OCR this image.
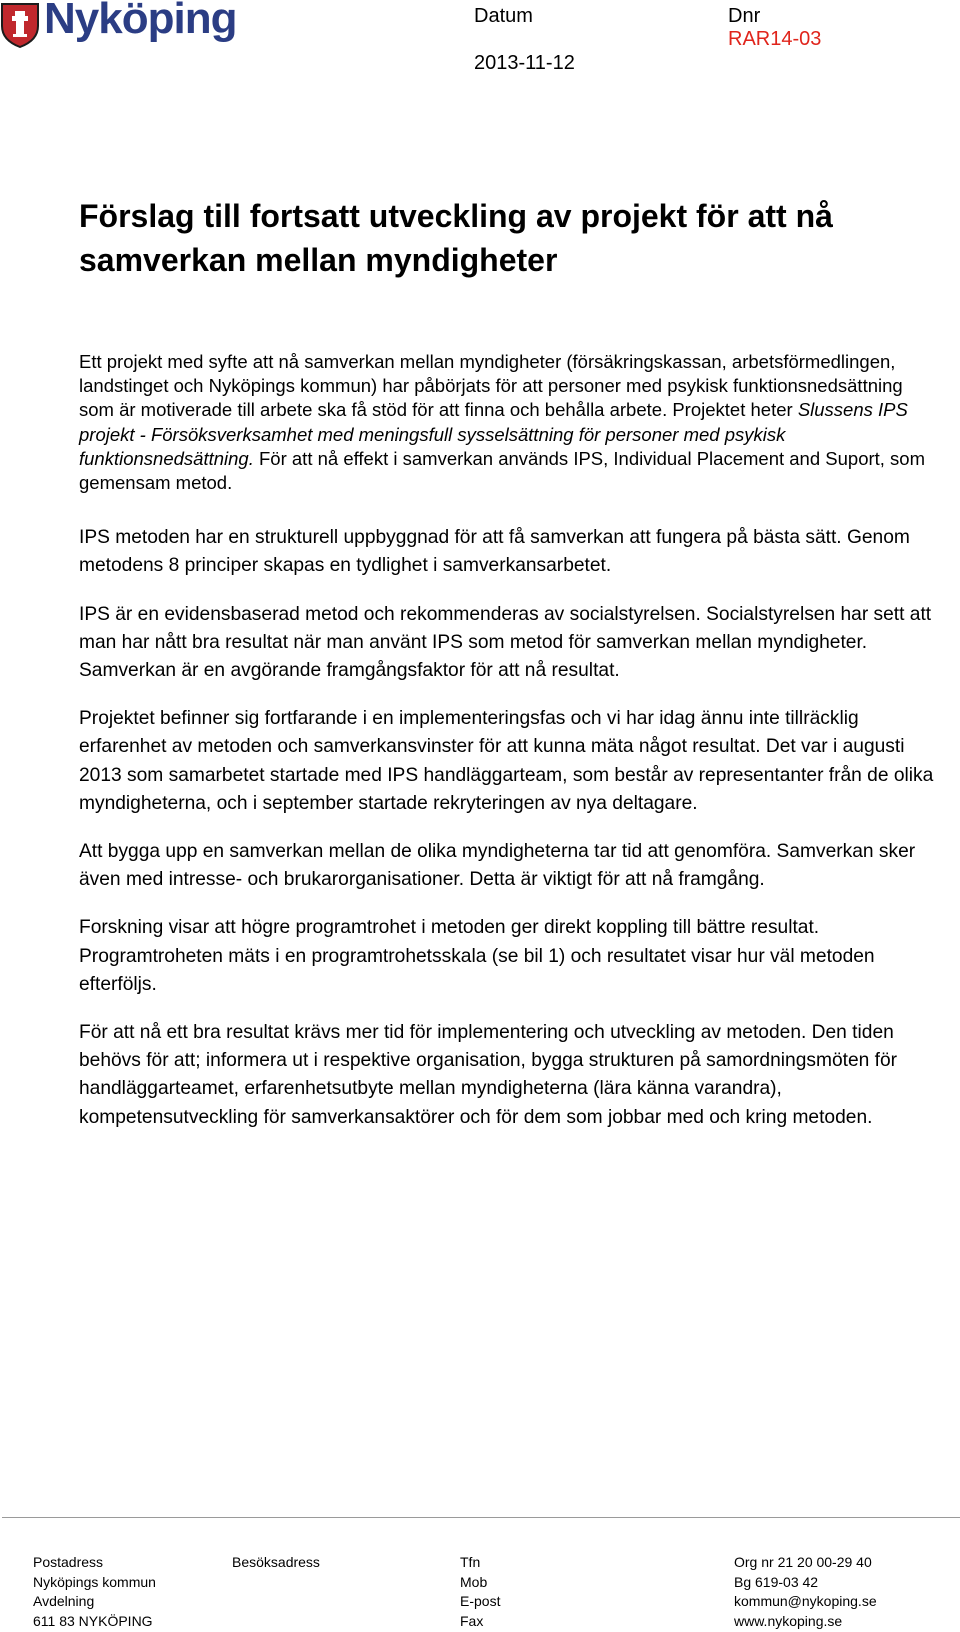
Nyköping	Datum
2013-11-12
Dnr
RAR14-03
Förslag till fortsatt utveckling av projekt för att nå samverkan mellan myndigheter

Ett projekt med syfte att nå samverkan mellan myndigheter (försäkringskassan, arbetsförmedlingen, landstinget och Nyköpings kommun) har påbörjats för att personer med psykisk funktionsnedsättning som är motiverade till arbete ska få stöd för att finna och behålla arbete. Projektet heter Slussens IPS projekt - Försöksverksamhet med meningsfull sysselsättning för personer med psykisk funktionsnedsättning. För att nå effekt i samverkan används IPS, Individual Placement and Suport, som gemensam metod.

IPS metoden har en strukturell uppbyggnad för att få samverkan att fungera på bästa sätt. Genom metodens 8 principer skapas en tydlighet i samverkansarbetet.

IPS är en evidensbaserad metod och rekommenderas av socialstyrelsen. Socialstyrelsen har sett att man har nått bra resultat när man använt IPS som metod för samverkan mellan myndigheter. Samverkan är en avgörande framgångsfaktor för att nå resultat.

Projektet befinner sig fortfarande i en implementeringsfas och vi har idag ännu inte tillräcklig erfarenhet av metoden och samverkansvinster för att kunna mäta något resultat. Det var i augusti 2013 som samarbetet startade med IPS handläggarteam, som består av representanter från de olika myndigheterna, och i september startade rekryteringen av nya deltagare.

Att bygga upp en samverkan mellan de olika myndigheterna tar tid att genomföra. Samverkan sker även med intresse- och brukarorganisationer. Detta är viktigt för att nå framgång.

Forskning visar att högre programtrohet i metoden ger direkt koppling till bättre resultat. Programtroheten mäts i en programtrohetsskala (se bil 1) och resultatet visar hur väl metoden efterföljs.

För att nå ett bra resultat krävs mer tid för implementering och utveckling av metoden. Den tiden behövs för att; informera ut i respektive organisation, bygga strukturen på samordningsmöten för handläggarteamet, erfarenhetsutbyte mellan myndigheterna (lära känna varandra), kompetensutveckling för samverkansaktörer och för dem som jobbar med och kring metoden.

Postadress
Nyköpings kommun
Avdelning
611 83 NYKÖPING
Besöksadress	Tfn
Mob
E-post
Fax
Org nr 21 20 00-29 40
Bg 619-03 42
kommun@nykoping.se
www.nykoping.se
